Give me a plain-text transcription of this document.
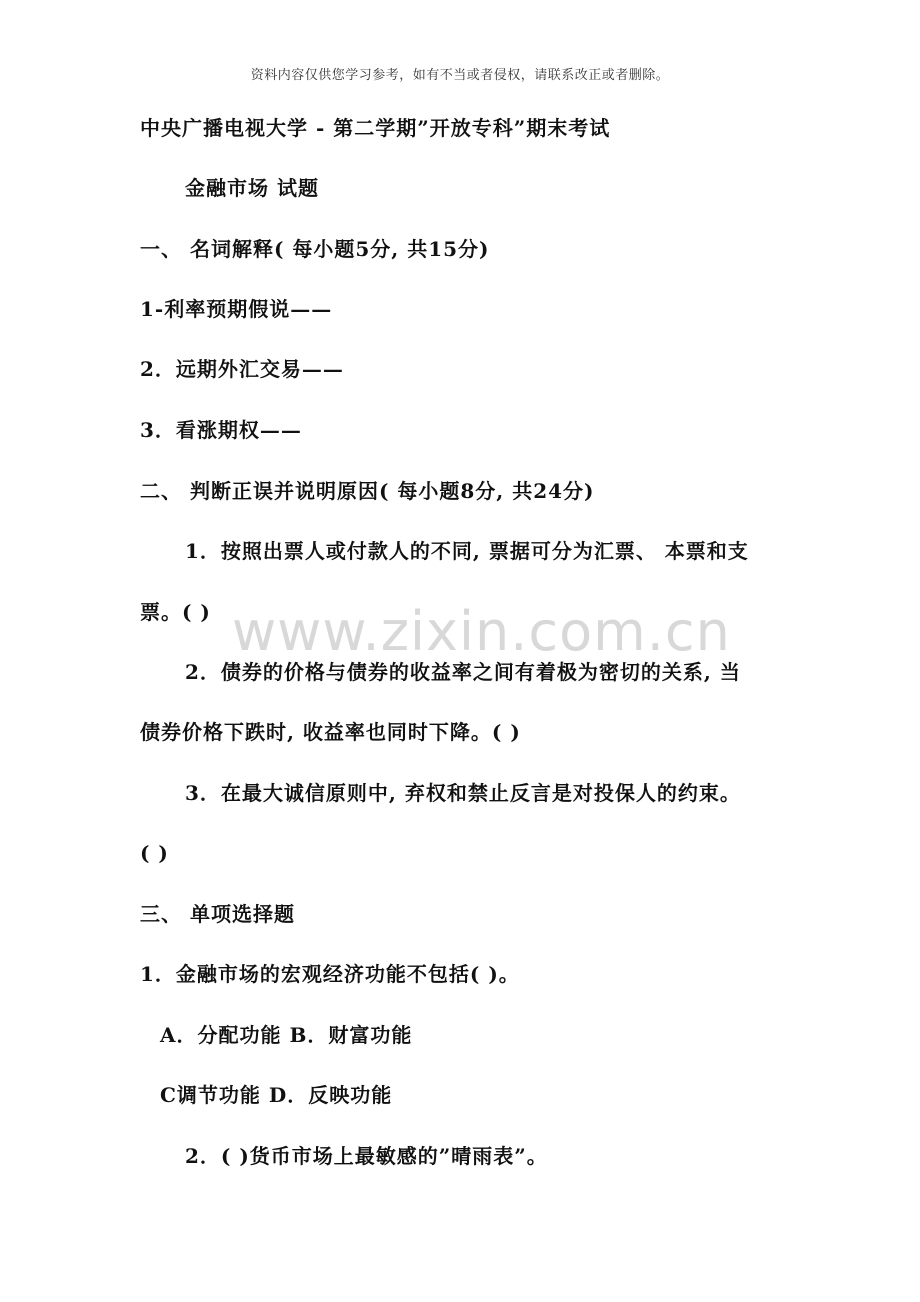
资料内容仅供您学习参考，如有不当或者侵权，请联系改正或者删除。
中央广播电视大学 - 第二学期”开放专科”期末考试
金融市场 试题
一、 名词解释( 每小题5分, 共15分)
1-利率预期假说——
2．远期外汇交易——
3．看涨期权——
二、 判断正误并说明原因( 每小题8分, 共24分)
1．按照出票人或付款人的不同, 票据可分为汇票、 本票和支
票。( )
2．债券的价格与债券的收益率之间有着极为密切的关系, 当
债券价格下跌时, 收益率也同时下降。( )
3．在最大诚信原则中, 弃权和禁止反言是对投保人的约束。
( )
三、 单项选择题
1．金融市场的宏观经济功能不包括( )。
A．分配功能 B．财富功能
C调节功能 D．反映功能
2．( )货币市场上最敏感的”晴雨表”。
www.zixin.com.cn
